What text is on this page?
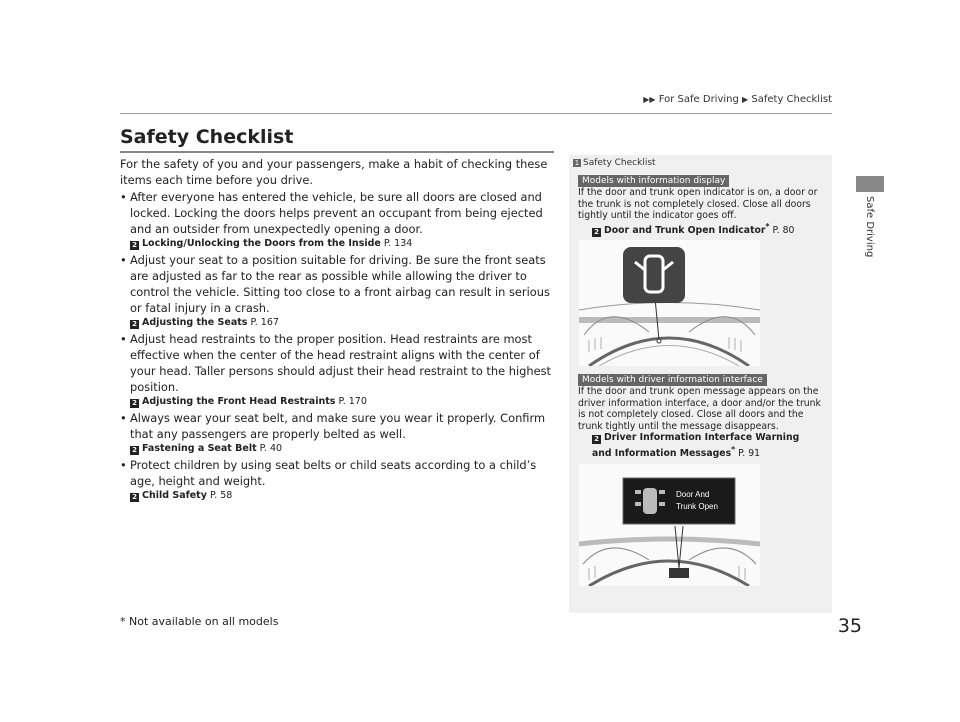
▶▶ For Safe Driving ▶ Safety Checklist
Safe Driving
Safety Checklist

For the safety of you and your passengers, make a habit of checking these items each time before you drive.

• After everyone has entered the vehicle, be sure all doors are closed and locked. Locking the doors helps prevent an occupant from being ejected and an outsider from unexpectedly opening a door.
2 Locking/Unlocking the Doors from the Inside P. 134
• Adjust your seat to a position suitable for driving. Be sure the front seats are adjusted as far to the rear as possible while allowing the driver to control the vehicle. Sitting too close to a front airbag can result in serious or fatal injury in a crash.
2 Adjusting the Seats P. 167
• Adjust head restraints to the proper position. Head restraints are most effective when the center of the head restraint aligns with the center of your head. Taller persons should adjust their head restraint to the highest position.
2 Adjusting the Front Head Restraints P. 170
• Always wear your seat belt, and make sure you wear it properly. Confirm that any passengers are properly belted as well.
2 Fastening a Seat Belt P. 40
• Protect children by using seat belts or child seats according to a child’s age, height and weight.
2 Child Safety P. 58
1 Safety Checklist
Models with information display
If the door and trunk open indicator is on, a door or the trunk is not completely closed. Close all doors tightly until the indicator goes off.
2 Door and Trunk Open Indicator* P. 80
Models with driver information interface
If the door and trunk open message appears on the driver information interface, a door and/or the trunk is not completely closed. Close all doors and the trunk tightly until the message disappears.
2 Driver Information Interface Warning and Information Messages* P. 91
Door And
Trunk Open
* Not available on all models	35
